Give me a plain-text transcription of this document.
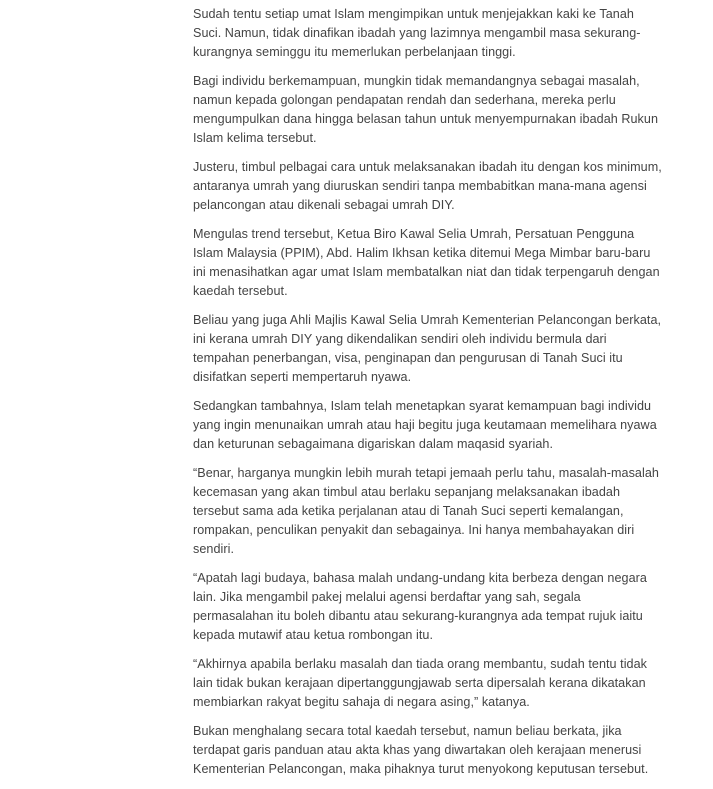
Sudah tentu setiap umat Islam mengimpikan untuk menjejakkan kaki ke Tanah Suci. Namun, tidak dinafikan ibadah yang lazimnya mengambil masa sekurang-kurangnya seminggu itu memerlukan perbelanjaan tinggi.

Bagi individu berkemampuan, mungkin tidak memandangnya sebagai masalah, namun kepada golongan pendapatan rendah dan sederhana, mereka perlu mengumpulkan dana hingga belasan tahun untuk menyempurnakan ibadah Rukun Islam kelima tersebut.

Justeru, timbul pelbagai cara untuk melaksanakan ibadah itu dengan kos minimum, antaranya umrah yang diuruskan sendiri tanpa membabitkan mana-mana agensi pelancongan atau dikenali sebagai umrah DIY.

Mengulas trend tersebut, Ketua Biro Kawal Selia Umrah, Persatuan Pengguna Islam Malaysia (PPIM), Abd. Halim Ikhsan ketika ditemui Mega Mimbar baru-baru ini menasihatkan agar umat Islam membatalkan niat dan tidak terpengaruh dengan kaedah tersebut.

Beliau yang juga Ahli Majlis Kawal Selia Umrah Kementerian Pelancongan berkata, ini kerana umrah DIY yang dikendalikan sendiri oleh individu bermula dari tempahan penerbangan, visa, penginapan dan pengurusan di Tanah Suci itu disifatkan seperti mempertaruh nyawa.

Sedangkan tambahnya, Islam telah menetapkan syarat kemampuan bagi individu yang ingin menunaikan umrah atau haji begitu juga keutamaan memelihara nyawa dan keturunan sebagaimana digariskan dalam maqasid syariah.

“Benar, harganya mungkin lebih murah tetapi jemaah perlu tahu, masalah-masalah kecemasan yang akan timbul atau berlaku sepanjang melaksanakan ibadah tersebut sama ada ketika perjalanan atau di Tanah Suci seperti kemalangan, rompakan, penculikan penyakit dan sebagainya. Ini hanya membahayakan diri sendiri.

“Apatah lagi budaya, bahasa malah undang-undang kita berbeza dengan negara lain. Jika mengambil pakej melalui agensi berdaftar yang sah, segala permasalahan itu boleh dibantu atau sekurang-kurangnya ada tempat rujuk iaitu kepada mutawif atau ketua rombongan itu.

“Akhirnya apabila berlaku masalah dan tiada orang membantu, sudah tentu tidak lain tidak bukan kerajaan dipertanggungjawab serta dipersalah kerana dikatakan membiarkan rakyat begitu sahaja di negara asing,” katanya.

Bukan menghalang secara total kaedah tersebut, namun beliau berkata, jika terdapat garis panduan atau akta khas yang diwartakan oleh kerajaan menerusi Kementerian Pelancongan, maka pihaknya turut menyokong keputusan tersebut.
